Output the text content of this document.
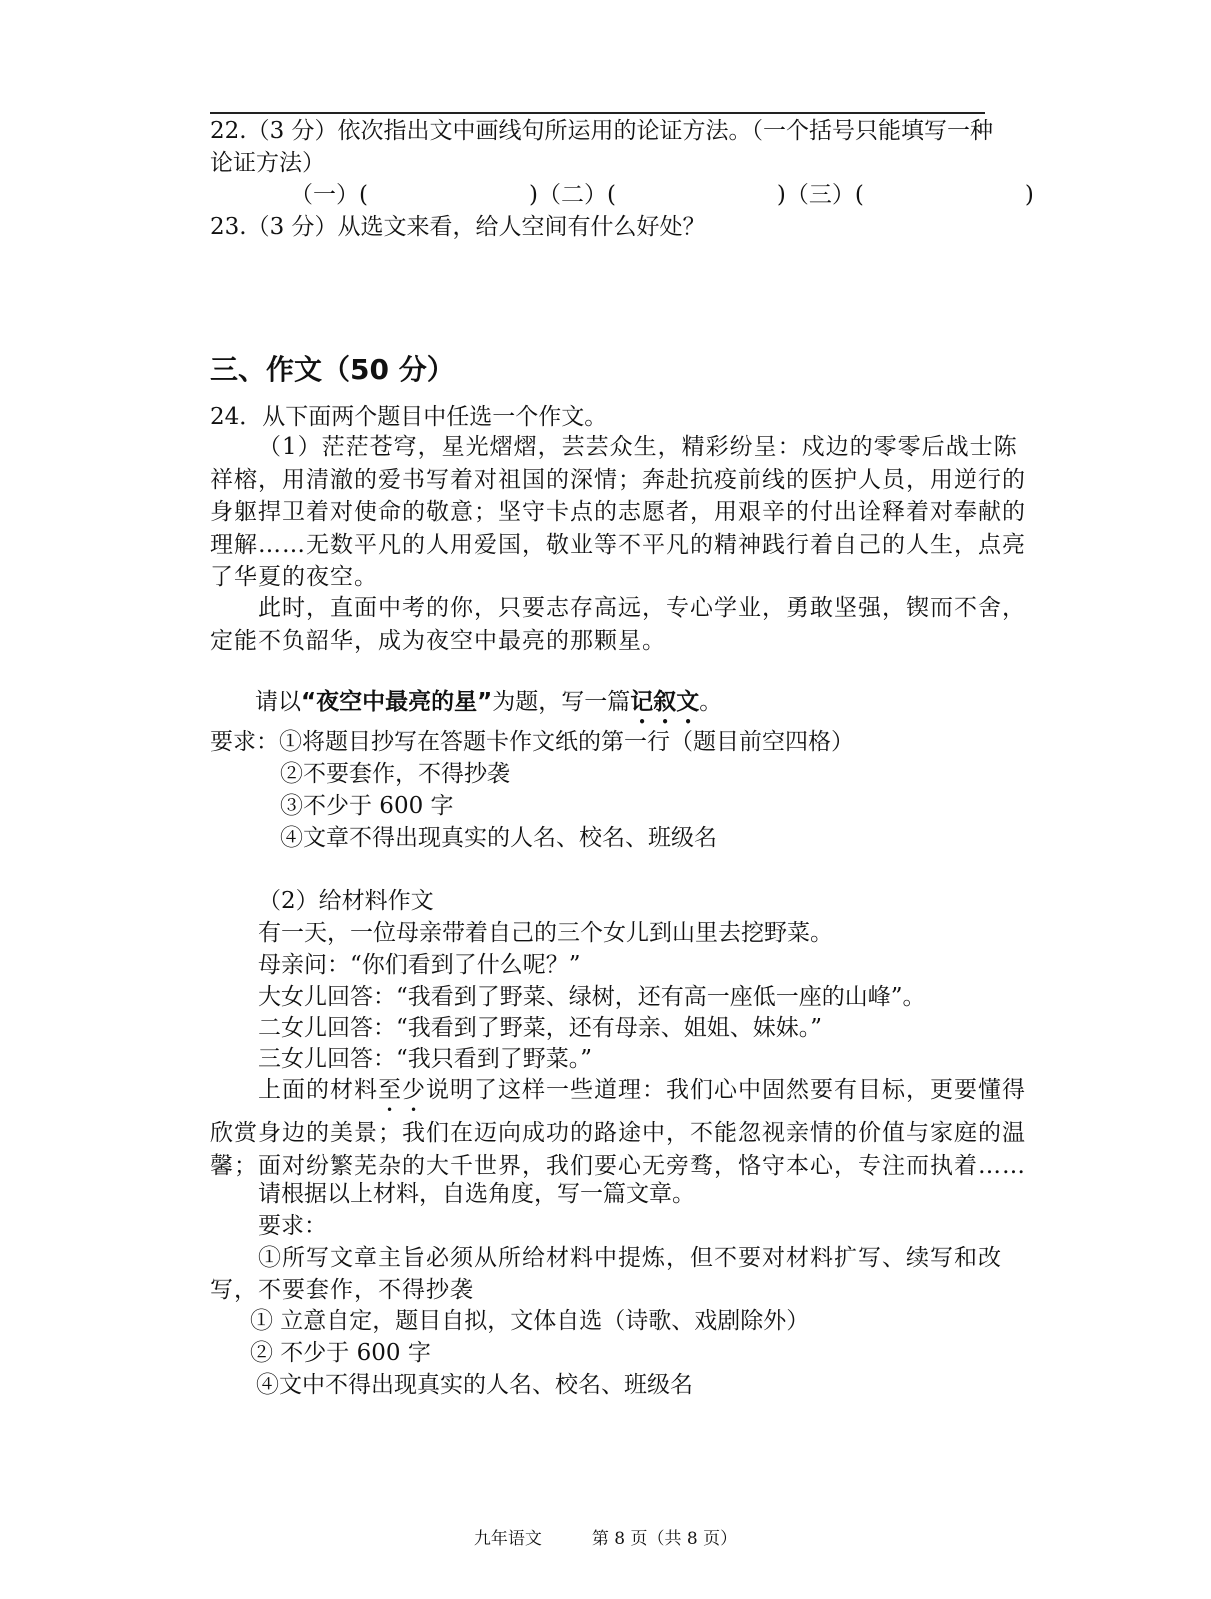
22.（3 分）依次指出文中画线句所运用的论证方法。（一个括号只能填写一种

论证方法）

（一）(　　　　　　　)（二）(　　　　　　　)（三）(　　　　　　　)

23.（3 分）从选文来看，给人空间有什么好处？

三、作文（50 分）

24．从下面两个题目中任选一个作文。

（1）茫茫苍穹，星光熠熠，芸芸众生，精彩纷呈：戍边的零零后战士陈祥榕，用清澈的爱书写着对祖国的深情；奔赴抗疫前线的医护人员，用逆行的身躯捍卫着对使命的敬意；坚守卡点的志愿者，用艰辛的付出诠释着对奉献的理解……无数平凡的人用爱国，敬业等不平凡的精神践行着自己的人生，点亮了华夏的夜空。

此时，直面中考的你，只要志存高远，专心学业，勇敢坚强，锲而不舍，定能不负韶华，成为夜空中最亮的那颗星。

请以“夜空中最亮的星”为题，写一篇记叙文。

要求：①将题目抄写在答题卡作文纸的第一行（题目前空四格）

②不要套作，不得抄袭

③不少于 600 字

④文章不得出现真实的人名、校名、班级名

（2）给材料作文

有一天，一位母亲带着自己的三个女儿到山里去挖野菜。

母亲问：“你们看到了什么呢？”

大女儿回答：“我看到了野菜、绿树，还有高一座低一座的山峰”。

二女儿回答：“我看到了野菜，还有母亲、姐姐、妹妹。”

三女儿回答：“我只看到了野菜。”

上面的材料至少说明了这样一些道理：我们心中固然要有目标，更要懂得欣赏身边的美景；我们在迈向成功的路途中，不能忽视亲情的价值与家庭的温馨；面对纷繁芜杂的大千世界，我们要心无旁骛，恪守本心，专注而执着……

请根据以上材料，自选角度，写一篇文章。

要求：

①所写文章主旨必须从所给材料中提炼，但不要对材料扩写、续写和改写，不要套作，不得抄袭

① 立意自定，题目自拟，文体自选（诗歌、戏剧除外）

② 不少于 600 字

④文中不得出现真实的人名、校名、班级名

九年语文	第 8 页（共 8 页）
